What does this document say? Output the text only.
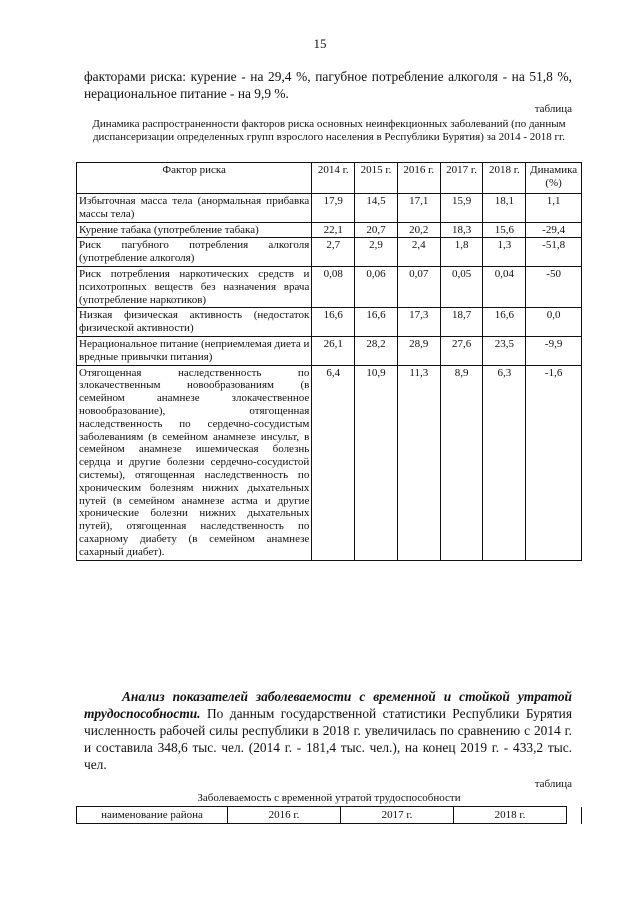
15
факторами риска: курение - на 29,4 %, пагубное потребление алкоголя - на 51,8 %, нерациональное питание - на 9,9 %.
таблица
Динамика распространенности факторов риска основных неинфекционных заболеваний (по данным диспансеризации определенных групп взрослого населения в Республики Бурятия) за 2014 - 2018 гг.
Фактор риска	2014 г.	2015 г.	2016 г.	2017 г.	2018 г.	Динамика (%)
Избыточная масса тела (анормальная прибавка массы тела)	17,9	14,5	17,1	15,9	18,1	1,1
Курение табака (употребление табака)	22,1	20,7	20,2	18,3	15,6	-29,4
Риск пагубного потребления алкоголя (употребление алкоголя)	2,7	2,9	2,4	1,8	1,3	-51,8
Риск потребления наркотических средств и психотропных веществ без назначения врача (употребление наркотиков)	0,08	0,06	0,07	0,05	0,04	-50
Низкая физическая активность (недостаток физической активности)	16,6	16,6	17,3	18,7	16,6	0,0
Нерациональное питание (неприемлемая диета и вредные привычки питания)	26,1	28,2	28,9	27,6	23,5	-9,9
Отягощенная наследственность по злокачественным новообразованиям (в семейном анамнезе злокачественное новообразование), отягощенная наследственность по сердечно-сосудистым заболеваниям (в семейном анамнезе инсульт, в семейном анамнезе ишемическая болезнь сердца и другие болезни сердечно-сосудистой системы), отягощенная наследственность по хроническим болезням нижних дыхательных путей (в семейном анамнезе астма и другие хронические болезни нижних дыхательных путей), отягощенная наследственность по сахарному диабету (в семейном анамнезе сахарный диабет).	6,4	10,9	11,3	8,9	6,3	-1,6
Анализ показателей заболеваемости с временной и стойкой утратой трудоспособности. По данным государственной статистики Республики Бурятия численность рабочей силы республики в 2018 г. увеличилась по сравнению с 2014 г. и составила 348,6 тыс. чел. (2014 г. - 181,4 тыс. чел.), на конец 2019 г. - 433,2 тыс. чел.
таблица
Заболеваемость с временной утратой трудоспособности
наименование района	2016 г.	2017 г.	2018 г.	
